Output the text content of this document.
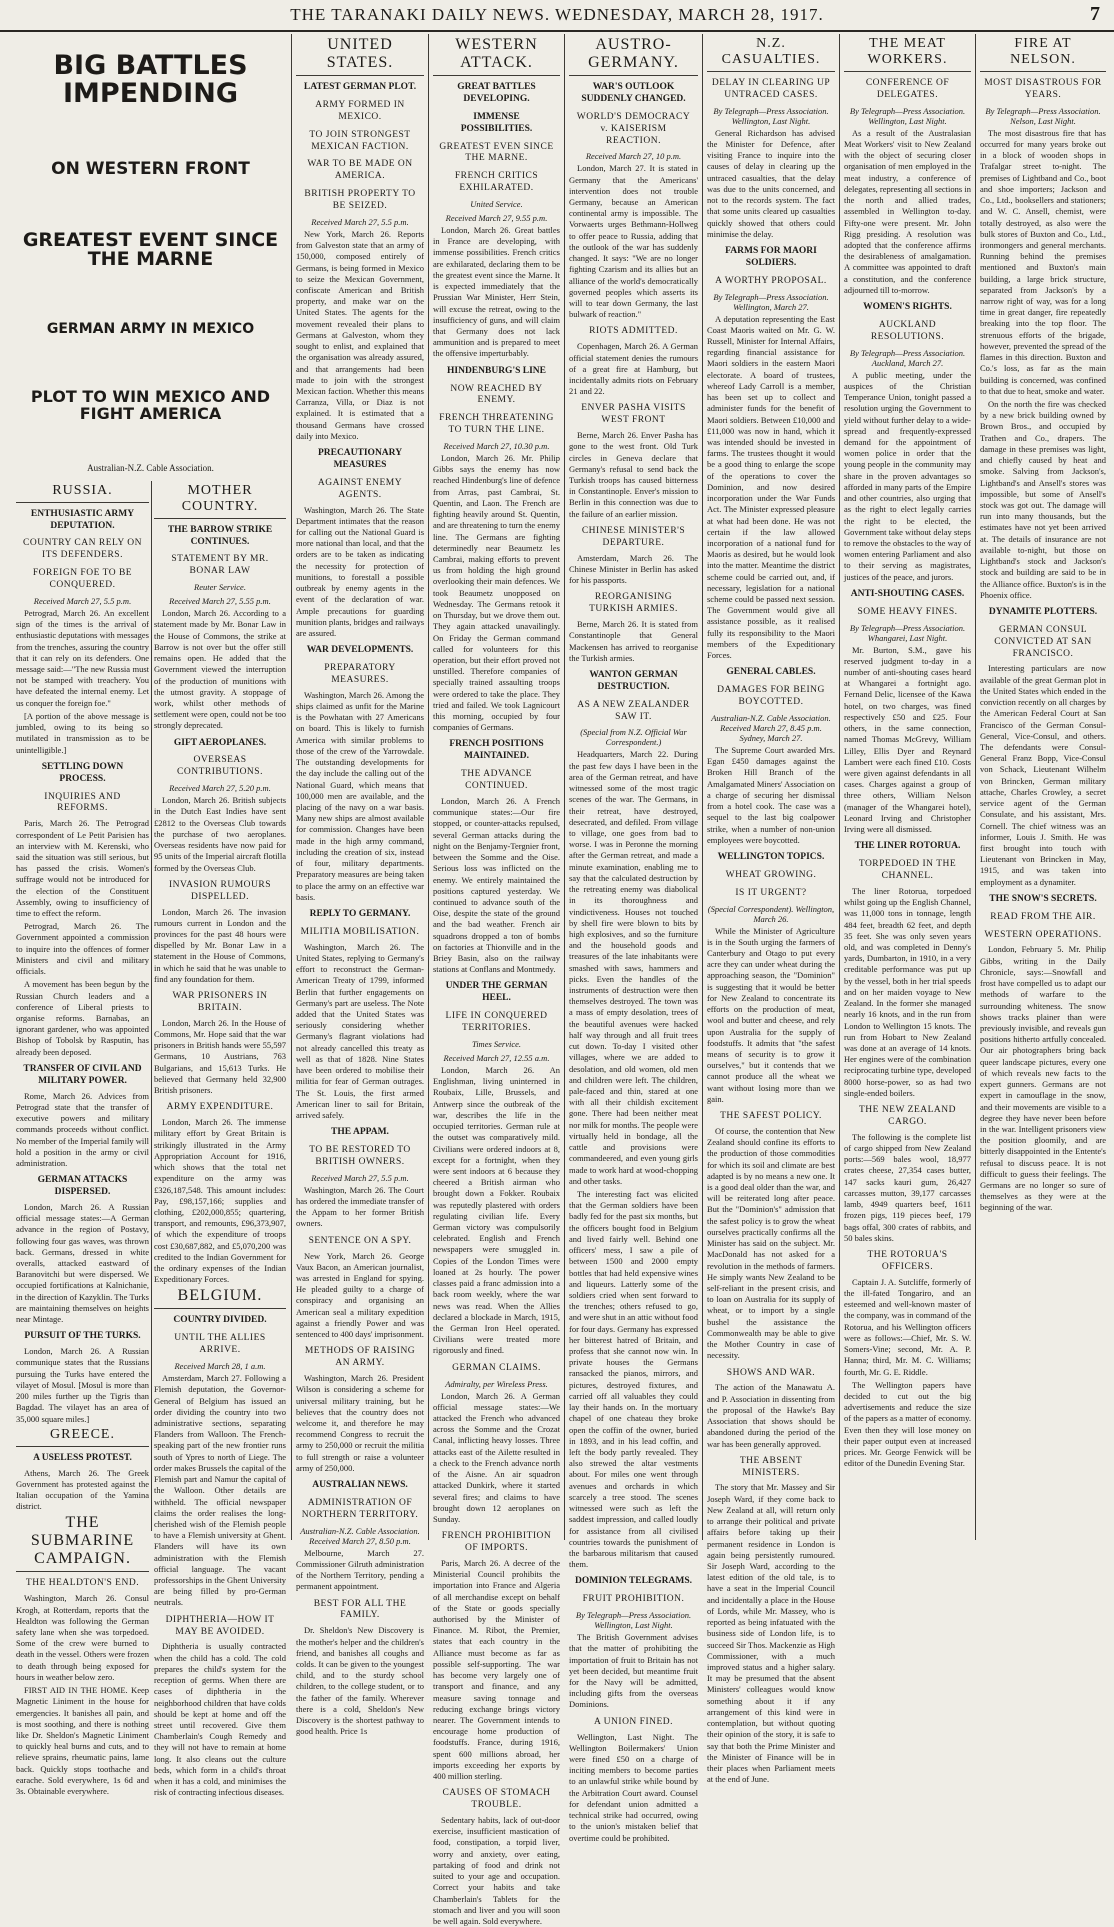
THE TARANAKI DAILY NEWS. WEDNESDAY, MARCH 28, 1917.	7
BIG BATTLES IMPENDING
ON WESTERN FRONT
GREATEST EVENT SINCE THE MARNE
GERMAN ARMY IN MEXICO
PLOT TO WIN MEXICO AND FIGHT AMERICA
Australian-N.Z. Cable Association.
RUSSIA.
ENTHUSIASTIC ARMY DEPUTATION.
COUNTRY CAN RELY ON ITS DEFENDERS.
FOREIGN FOE TO BE CONQUERED.
Received March 27, 5.5 p.m.

Petrograd, March 26. An excellent sign of the times is the arrival of enthusiastic deputations with messages from the trenches, assuring the country that it can rely on its defenders. One message said:—"The new Russia must not be stamped with treachery. You have defeated the internal enemy. Let us conquer the foreign foe."

[A portion of the above message is jumbled, owing to its being so mutilated in transmission as to be unintelligible.]

SETTLING DOWN PROCESS.
INQUIRIES AND REFORMS.

Paris, March 26. The Petrograd correspondent of Le Petit Parisien has an interview with M. Kerenski, who said the situation was still serious, but has passed the crisis. Women's suffrage would not be introduced for the election of the Constituent Assembly, owing to insufficiency of time to effect the reform.

Petrograd, March 26. The Government appointed a commission to inquire into the offences of former Ministers and civil and military officials.

A movement has been begun by the Russian Church leaders and a conference of Liberal priests to organise reforms. Barnabas, an ignorant gardener, who was appointed Bishop of Tobolsk by Rasputin, has already been deposed.

TRANSFER OF CIVIL AND MILITARY POWER.

Rome, March 26. Advices from Petrograd state that the transfer of executive powers and military commands proceeds without conflict. No member of the Imperial family will hold a position in the army or civil administration.

GERMAN ATTACKS DISPERSED.

London, March 26. A Russian official message states:—A German advance in the region of Postavy, following four gas waves, was thrown back. Germans, dressed in white overalls, attacked eastward of Baranovitchi but were dispersed. We occupied fortifications at Kalnichanie, in the direction of Kazyklin. The Turks are maintaining themselves on heights near Mintage.

PURSUIT OF THE TURKS.

London, March 26. A Russian communique states that the Russians pursuing the Turks have entered the vilayet of Mosul. [Mosul is more than 200 miles further up the Tigris than Bagdad. The vilayet has an area of 35,000 square miles.]

GREECE.
A USELESS PROTEST.

Athens, March 26. The Greek Government has protested against the Italian occupation of the Yamina district.

THE SUBMARINE CAMPAIGN.
THE HEALDTON'S END.

Washington, March 26. Consul Krogh, at Rotterdam, reports that the Healdton was following the German safety lane when she was torpedoed. Some of the crew were burned to death in the vessel. Others were frozen to death through being exposed for hours in weather below zero.

FIRST AID IN THE HOME. Keep Magnetic Liniment in the house for emergencies. It banishes all pain, and is most soothing, and there is nothing like Dr. Sheldon's Magnetic Liniment to quickly heal burns and cuts, and to relieve sprains, rheumatic pains, lame back. Quickly stops toothache and earache. Sold everywhere, 1s 6d and 3s. Obtainable everywhere.

MOTHER COUNTRY.
THE BARROW STRIKE CONTINUES.
STATEMENT BY MR. BONAR LAW
Reuter Service.
Received March 27, 5.55 p.m.

London, March 26. According to a statement made by Mr. Bonar Law in the House of Commons, the strike at Barrow is not over but the offer still remains open. He added that the Government viewed the interruption of the production of munitions with the utmost gravity. A stoppage of work, whilst other methods of settlement were open, could not be too strongly deprecated.

GIFT AEROPLANES.
OVERSEAS CONTRIBUTIONS.
Received March 27, 5.20 p.m.

London, March 26. British subjects in the Dutch East Indies have sent £2812 to the Overseas Club towards the purchase of two aeroplanes. Overseas residents have now paid for 95 units of the Imperial aircraft flotilla formed by the Overseas Club.

INVASION RUMOURS DISPELLED.

London, March 26. The invasion rumours current in London and the provinces for the past 48 hours were dispelled by Mr. Bonar Law in a statement in the House of Commons, in which he said that he was unable to find any foundation for them.

WAR PRISONERS IN BRITAIN.

London, March 26. In the House of Commons, Mr. Hope said that the war prisoners in British hands were 55,597 Germans, 10 Austrians, 763 Bulgarians, and 15,613 Turks. He believed that Germany held 32,900 British prisoners.

ARMY EXPENDITURE.

London, March 26. The immense military effort by Great Britain is strikingly illustrated in the Army Appropriation Account for 1916, which shows that the total net expenditure on the army was £326,187,548. This amount includes: Pay, £98,157,166; supplies and clothing, £202,000,855; quartering, transport, and remounts, £96,373,907, of which the expenditure of troops cost £30,687,882, and £5,070,200 was credited to the Indian Government for the ordinary expenses of the Indian Expeditionary Forces.

BELGIUM.
COUNTRY DIVIDED.
UNTIL THE ALLIES ARRIVE.
Received March 28, 1 a.m.

Amsterdam, March 27. Following a Flemish deputation, the Governor-General of Belgium has issued an order dividing the country into two administrative sections, separating Flanders from Walloon. The French-speaking part of the new frontier runs south of Ypres to north of Liege. The order makes Brussels the capital of the Flemish part and Namur the capital of the Walloon. Other details are withheld. The official newspaper claims the order realises the long-cherished wish of the Flemish people to have a Flemish university at Ghent. Flanders will have its own administration with the Flemish official language. The vacant professorships in the Ghent University are being filled by pro-German neutrals.

DIPHTHERIA—HOW IT MAY BE AVOIDED.

Diphtheria is usually contracted when the child has a cold. The cold prepares the child's system for the reception of germs. When there are cases of diphtheria in the neighborhood children that have colds should be kept at home and off the street until recovered. Give them Chamberlain's Cough Remedy and they will not have to remain at home long. It also cleans out the culture beds, which form in a child's throat when it has a cold, and minimises the risk of contracting infectious diseases.

UNITED STATES.
LATEST GERMAN PLOT.
ARMY FORMED IN MEXICO.
TO JOIN STRONGEST MEXICAN FACTION.
WAR TO BE MADE ON AMERICA.
BRITISH PROPERTY TO BE SEIZED.
Received March 27, 5.5 p.m.

New York, March 26. Reports from Galveston state that an army of 150,000, composed entirely of Germans, is being formed in Mexico to seize the Mexican Government, confiscate American and British property, and make war on the United States. The agents for the movement revealed their plans to Germans at Galveston, whom they sought to enlist, and explained that the organisation was already assured, and that arrangements had been made to join with the strongest Mexican faction. Whether this means Carranza, Villa, or Diaz is not explained. It is estimated that a thousand Germans have crossed daily into Mexico.

PRECAUTIONARY MEASURES
AGAINST ENEMY AGENTS.

Washington, March 26. The State Department intimates that the reason for calling out the National Guard is more national than local, and that the orders are to be taken as indicating the necessity for protection of munitions, to forestall a possible outbreak by enemy agents in the event of the declaration of war. Ample precautions for guarding munition plants, bridges and railways are assured.

WAR DEVELOPMENTS.
PREPARATORY MEASURES.

Washington, March 26. Among the ships claimed as unfit for the Marine is the Powhatan with 27 Americans on board. This is likely to furnish America with similar problems to those of the crew of the Yarrowdale. The outstanding developments for the day include the calling out of the National Guard, which means that 100,000 men are available, and the placing of the navy on a war basis. Many new ships are almost available for commission. Changes have been made in the high army command, including the creation of six, instead of four, military departments. Preparatory measures are being taken to place the army on an effective war basis.

REPLY TO GERMANY.
MILITIA MOBILISATION.

Washington, March 26. The United States, replying to Germany's effort to reconstruct the German-American Treaty of 1799, informed Berlin that further engagements on Germany's part are useless. The Note added that the United States was seriously considering whether Germany's flagrant violations had not already cancelled this treaty as well as that of 1828. Nine States have been ordered to mobilise their militia for fear of German outrages. The St. Louis, the first armed American liner to sail for Britain, arrived safely.

THE APPAM.
TO BE RESTORED TO BRITISH OWNERS.
Received March 27, 5.5 p.m.

Washington, March 26. The Court has ordered the immediate transfer of the Appam to her former British owners.

SENTENCE ON A SPY.

New York, March 26. George Vaux Bacon, an American journalist, was arrested in England for spying. He pleaded guilty to a charge of conspiracy and organising an American seal a military expedition against a friendly Power and was sentenced to 400 days' imprisonment.

METHODS OF RAISING AN ARMY.

Washington, March 26. President Wilson is considering a scheme for universal military training, but he believes that the country does not welcome it, and therefore he may recommend Congress to recruit the army to 250,000 or recruit the militia to full strength or raise a volunteer army of 250,000.

AUSTRALIAN NEWS.
ADMINISTRATION OF NORTHERN TERRITORY.
Australian-N.Z. Cable Association. Received March 27, 8.50 p.m.

Melbourne, March 27. Commissioner Gilruth administration of the Northern Territory, pending a permanent appointment.

BEST FOR ALL THE FAMILY.

Dr. Sheldon's New Discovery is the mother's helper and the children's friend, and banishes all coughs and colds. It can be given to the youngest child, and to the sturdy school children, to the college student, or to the father of the family. Wherever there is a cold, Sheldon's New Discovery is the shortest pathway to good health. Price 1s

WESTERN ATTACK.
GREAT BATTLES DEVELOPING.
IMMENSE POSSIBILITIES.
GREATEST EVEN SINCE THE MARNE.
FRENCH CRITICS EXHILARATED.
United Service.
Received March 27, 9.55 p.m.

London, March 26. Great battles in France are developing, with immense possibilities. French critics are exhilarated, declaring them to be the greatest event since the Marne. It is expected immediately that the Prussian War Minister, Herr Stein, will excuse the retreat, owing to the insufficiency of guns, and will claim that Germany does not lack ammunition and is prepared to meet the offensive imperturbably.

HINDENBURG'S LINE
NOW REACHED BY ENEMY.
FRENCH THREATENING TO TURN THE LINE.
Received March 27, 10.30 p.m.

London, March 26. Mr. Philip Gibbs says the enemy has now reached Hindenburg's line of defence from Arras, past Cambrai, St. Quentin, and Laon. The French are fighting heavily around St. Quentin, and are threatening to turn the enemy line. The Germans are fighting determinedly near Beaumetz les Cambrai, making efforts to prevent us from holding the high ground overlooking their main defences. We took Beaumetz unopposed on Wednesday. The Germans retook it on Thursday, but we drove them out. They again attacked unavailingly. On Friday the German command called for volunteers for this operation, but their effort proved not unstilled. Therefore companies of specially trained assaulting troops were ordered to take the place. They tried and failed. We took Lagnicourt this morning, occupied by four companies of Germans.

FRENCH POSITIONS MAINTAINED.
THE ADVANCE CONTINUED.

London, March 26. A French communique states:—Our fire stopped, or counter-attacks repulsed, several German attacks during the night on the Benjamy-Tergnier front, between the Somme and the Oise. Serious loss was inflicted on the enemy. We entirely maintained the positions captured yesterday. We continued to advance south of the Oise, despite the state of the ground and the bad weather. French air squadrons dropped a ton of bombs on factories at Thionville and in the Briey Basin, also on the railway stations at Conflans and Montmedy.

UNDER THE GERMAN HEEL.
LIFE IN CONQUERED TERRITORIES.
Times Service.
Received March 27, 12.55 a.m.

London, March 26. An Englishman, living uninterned in Roubaix, Lille, Brussels, and Antwerp since the outbreak of the war, describes the life in the occupied territories. German rule at the outset was comparatively mild. Civilians were ordered indoors at 8, except for a fortnight, when they were sent indoors at 6 because they cheered a British airman who brought down a Fokker. Roubaix was reputedly plastered with orders regulating civilian life. Every German victory was compulsorily celebrated. English and French newspapers were smuggled in. Copies of the London Times were loaned at 2s hourly. The power classes paid a franc admission into a back room weekly, where the war news was read. When the Allies declared a blockade in March, 1915, the German Iron Heel operated. Civilians were treated more rigorously and fined.

GERMAN CLAIMS.
Admiralty, per Wireless Press.

London, March 26. A German official message states:—We attacked the French who advanced across the Somme and the Crozat Canal, inflicting heavy losses. Three attacks east of the Ailette resulted in a check to the French advance north of the Aisne. An air squadron attacked Dunkirk, where it started several fires; and claims to have brought down 12 aeroplanes on Sunday.

FRENCH PROHIBITION OF IMPORTS.

Paris, March 26. A decree of the Ministerial Council prohibits the importation into France and Algeria of all merchandise except on behalf of the State or goods specially authorised by the Minister of Finance. M. Ribot, the Premier, states that each country in the Alliance must become as far as possible self-supporting. The war has become very largely one of transport and finance, and any measure saving tonnage and reducing exchange brings victory nearer. The Government intends to encourage home production of foodstuffs. France, during 1916, spent 600 millions abroad, her imports exceeding her exports by 400 million sterling.

CAUSES OF STOMACH TROUBLE.

Sedentary habits, lack of out-door exercise, insufficient mastication of food, constipation, a torpid liver, worry and anxiety, over eating, partaking of food and drink not suited to your age and occupation. Correct your habits and take Chamberlain's Tablets for the stomach and liver and you will soon be well again. Sold everywhere.

AUSTRO-GERMANY.
WAR'S OUTLOOK SUDDENLY CHANGED.
WORLD'S DEMOCRACY v. KAISERISM REACTION.
Received March 27, 10 p.m.

London, March 27. It is stated in Germany that the Americans' intervention does not trouble Germany, because an American continental army is impossible. The Vorwaerts urges Bethmann-Hollweg to offer peace to Russia, adding that the outlook of the war has suddenly changed. It says: "We are no longer fighting Czarism and its allies but an alliance of the world's democratically governed peoples which asserts its will to tear down Germany, the last bulwark of reaction."

RIOTS ADMITTED.

Copenhagen, March 26. A German official statement denies the rumours of a great fire at Hamburg, but incidentally admits riots on February 21 and 22.

ENVER PASHA VISITS WEST FRONT

Berne, March 26. Enver Pasha has gone to the west front. Old Turk circles in Geneva declare that Germany's refusal to send back the Turkish troops has caused bitterness in Constantinople. Enver's mission to Berlin in this connection was due to the failure of an earlier mission.

CHINESE MINISTER'S DEPARTURE.

Amsterdam, March 26. The Chinese Minister in Berlin has asked for his passports.

REORGANISING TURKISH ARMIES.

Berne, March 26. It is stated from Constantinople that General Mackensen has arrived to reorganise the Turkish armies.

WANTON GERMAN DESTRUCTION.
AS A NEW ZEALANDER SAW IT.
(Special from N.Z. Official War Correspondent.)

Headquarters, March 22. During the past few days I have been in the area of the German retreat, and have witnessed some of the most tragic scenes of the war. The Germans, in their retreat, have destroyed, desecrated, and defiled. From village to village, one goes from bad to worse. I was in Peronne the morning after the German retreat, and made a minute examination, enabling me to say that the calculated destruction by the retreating enemy was diabolical in its thoroughness and vindictiveness. Houses not touched by shell fire were blown to bits by high explosives, and so the furniture and the household goods and treasures of the late inhabitants were smashed with saws, hammers and picks. Even the handles of the instruments of destruction were then themselves destroyed. The town was a mass of empty desolation, trees of the beautiful avenues were hacked half way through and all fruit trees cut down. To-day I visited other villages, where we are added to desolation, and old women, old men and children were left. The children, pale-faced and thin, stared at one with all their childish excitement gone. There had been neither meat nor milk for months. The people were virtually held in bondage, all the cattle and provisions were commandeered, and even young girls made to work hard at wood-chopping and other tasks.

The interesting fact was elicited that the German soldiers have been badly fed for the past six months, but the officers bought food in Belgium and lived fairly well. Behind one officers' mess, I saw a pile of between 1500 and 2000 empty bottles that had held expensive wines and liqueurs. Latterly some of the soldiers cried when sent forward to the trenches; others refused to go, and were shut in an attic without food for four days. Germany has expressed her bitterest hatred of Britain, and profess that she cannot now win. In private houses the Germans ransacked the pianos, mirrors, and pictures, destroyed fixtures, and carried off all valuables they could lay their hands on. In the mortuary chapel of one chateau they broke open the coffin of the owner, buried in 1893, and in his lead coffin, and left the body partly revealed. They also strewed the altar vestments about. For miles one went through avenues and orchards in which scarcely a tree stood. The scenes witnessed were such as left the saddest impression, and called loudly for assistance from all civilised countries towards the punishment of the barbarous militarism that caused them.

DOMINION TELEGRAMS.
FRUIT PROHIBITION.
By Telegraph—Press Association. Wellington, Last Night.

The British Government advises that the matter of prohibiting the importation of fruit to Britain has not yet been decided, but meantime fruit for the Navy will be admitted, including gifts from the overseas Dominions.

A UNION FINED.

Wellington, Last Night. The Wellington Boilermakers' Union were fined £50 on a charge of inciting members to become parties to an unlawful strike while bound by the Arbitration Court award. Counsel for defendant union admitted a technical strike had occurred, owing to the union's mistaken belief that overtime could be prohibited.

N.Z. CASUALTIES.
DELAY IN CLEARING UP UNTRACED CASES.
By Telegraph—Press Association. Wellington, Last Night.

General Richardson has advised the Minister for Defence, after visiting France to inquire into the causes of delay in clearing up the untraced casualties, that the delay was due to the units concerned, and not to the records system. The fact that some units cleared up casualties quickly showed that others could minimise the delay.

FARMS FOR MAORI SOLDIERS.
A WORTHY PROPOSAL.
By Telegraph—Press Association. Wellington, March 27.

A deputation representing the East Coast Maoris waited on Mr. G. W. Russell, Minister for Internal Affairs, regarding financial assistance for Maori soldiers in the eastern Maori electorate. A board of trustees, whereof Lady Carroll is a member, has been set up to collect and administer funds for the benefit of Maori soldiers. Between £10,000 and £11,000 was now in hand, which it was intended should be invested in farms. The trustees thought it would be a good thing to enlarge the scope of the operations to cover the Dominion, and now desired incorporation under the War Funds Act. The Minister expressed pleasure at what had been done. He was not certain if the law allowed incorporation of a national fund for Maoris as desired, but he would look into the matter. Meantime the district scheme could be carried out, and, if necessary, legislation for a national scheme could be passed next session. The Government would give all assistance possible, as it realised fully its responsibility to the Maori members of the Expeditionary Forces.

GENERAL CABLES.
DAMAGES FOR BEING BOYCOTTED.
Australian-N.Z. Cable Association. Received March 27, 8.45 p.m. Sydney, March 27.

The Supreme Court awarded Mrs. Egan £450 damages against the Broken Hill Branch of the Amalgamated Miners' Association on a charge of securing her dismissal from a hotel cook. The case was a sequel to the last big coalpower strike, when a number of non-union employees were boycotted.

WELLINGTON TOPICS.
WHEAT GROWING.
IS IT URGENT?
(Special Correspondent). Wellington, March 26.

While the Minister of Agriculture is in the South urging the farmers of Canterbury and Otago to put every acre they can under wheat during the approaching season, the "Dominion" is suggesting that it would be better for New Zealand to concentrate its efforts on the production of meat, wool and butter and cheese, and rely upon Australia for the supply of foodstuffs. It admits that "the safest means of security is to grow it ourselves," but it contends that we cannot produce all the wheat we want without losing more than we gain.

THE SAFEST POLICY.

Of course, the contention that New Zealand should confine its efforts to the production of those commodities for which its soil and climate are best adapted is by no means a new one. It is a good deal older than the war, and will be reiterated long after peace. But the "Dominion's" admission that the safest policy is to grow the wheat ourselves practically confirms all the Minister has said on the subject. Mr. MacDonald has not asked for a revolution in the methods of farmers. He simply wants New Zealand to be self-reliant in the present crisis, and to loan on Australia for its supply of wheat, or to import by a single bushel the assistance the Commonwealth may be able to give the Mother Country in case of necessity.

SHOWS AND WAR.

The action of the Manawatu A. and P. Association in dissenting from the proposal of the Hawke's Bay Association that shows should be abandoned during the period of the war has been generally approved.

THE ABSENT MINISTERS.

The story that Mr. Massey and Sir Joseph Ward, if they come back to New Zealand at all, will return only to arrange their political and private affairs before taking up their permanent residence in London is again being persistently rumoured. Sir Joseph Ward, according to the latest edition of the old tale, is to have a seat in the Imperial Council and incidentally a place in the House of Lords, while Mr. Massey, who is reported as being infatuated with the business side of London life, is to succeed Sir Thos. Mackenzie as High Commissioner, with a much improved status and a higher salary. It may be presumed that the absent Ministers' colleagues would know something about it if any arrangement of this kind were in contemplation, but without quoting their opinion of the story, it is safe to say that both the Prime Minister and the Minister of Finance will be in their places when Parliament meets at the end of June.

THE MEAT WORKERS.
CONFERENCE OF DELEGATES.
By Telegraph—Press Association. Wellington, Last Night.

As a result of the Australasian Meat Workers' visit to New Zealand with the object of securing closer organisation of men employed in the meat industry, a conference of delegates, representing all sections in the north and allied trades, assembled in Wellington to-day. Fifty-one were present. Mr. John Rigg presiding. A resolution was adopted that the conference affirms the desirableness of amalgamation. A committee was appointed to draft a constitution, and the conference adjourned till to-morrow.

WOMEN'S RIGHTS.
AUCKLAND RESOLUTIONS.
By Telegraph—Press Association. Auckland, March 27.

A public meeting, under the auspices of the Christian Temperance Union, tonight passed a resolution urging the Government to yield without further delay to a wide-spread and frequently-expressed demand for the appointment of women police in order that the young people in the community may share in the proven advantages so afforded in many parts of the Empire and other countries, also urging that as the right to elect legally carries the right to be elected, the Government take without delay steps to remove the obstacles to the way of women entering Parliament and also to their serving as magistrates, justices of the peace, and jurors.

ANTI-SHOUTING CASES.
SOME HEAVY FINES.
By Telegraph—Press Association. Whangarei, Last Night.

Mr. Burton, S.M., gave his reserved judgment to-day in a number of anti-shouting cases heard at Whangarei a fortnight ago. Fernand Delic, licensee of the Kawa hotel, on two charges, was fined respectively £50 and £25. Four others, in the same connection, named Thomas McGrevy, William Lilley, Ellis Dyer and Reynard Lambert were each fined £10. Costs were given against defendants in all cases. Charges against a group of three others, William Nelson (manager of the Whangarei hotel), Leonard Irving and Christopher Irving were all dismissed.

THE LINER ROTORUA.
TORPEDOED IN THE CHANNEL.

The liner Rotorua, torpedoed whilst going up the English Channel, was 11,000 tons in tonnage, length 484 feet, breadth 62 feet, and depth 35 feet. She was only seven years old, and was completed in Denny's yards, Dumbarton, in 1910, in a very creditable performance was put up by the vessel, both in her trial speeds and on her maiden voyage to New Zealand. In the former she managed nearly 16 knots, and in the run from London to Wellington 15 knots. The run from Hobart to New Zealand was done at an average of 14 knots. Her engines were of the combination reciprocating turbine type, developed 8000 horse-power, so as had two single-ended boilers.

THE NEW ZEALAND CARGO.

The following is the complete list of cargo shipped from New Zealand ports:—569 bales wool, 18,977 crates cheese, 27,354 cases butter, 147 sacks kauri gum, 26,427 carcasses mutton, 39,177 carcasses lamb, 4949 quarters beef, 1611 frozen pigs, 119 pieces beef, 179 bags offal, 300 crates of rabbits, and 50 bales skins.

THE ROTORUA'S OFFICERS.

Captain J. A. Sutcliffe, formerly of the ill-fated Tongariro, and an esteemed and well-known master of the company, was in command of the Rotorua, and his Wellington officers were as follows:—Chief, Mr. S. W. Somers-Vine; second, Mr. A. P. Hanna; third, Mr. M. C. Williams; fourth, Mr. G. E. Riddle.

The Wellington papers have decided to cut out the big advertisements and reduce the size of the papers as a matter of economy. Even then they will lose money on their paper output even at increased prices. Mr. George Fenwick will be editor of the Dunedin Evening Star.

FIRE AT NELSON.
MOST DISASTROUS FOR YEARS.
By Telegraph—Press Association. Nelson, Last Night.

The most disastrous fire that has occurred for many years broke out in a block of wooden shops in Trafalgar street to-night. The premises of Lightband and Co., boot and shoe importers; Jackson and Co., Ltd., booksellers and stationers; and W. C. Ansell, chemist, were totally destroyed, as also were the bulk stores of Buxton and Co., Ltd., ironmongers and general merchants. Running behind the premises mentioned and Buxton's main building, a large brick structure, separated from Jackson's by a narrow right of way, was for a long time in great danger, fire repeatedly breaking into the top floor. The strenuous efforts of the brigade, however, prevented the spread of the flames in this direction. Buxton and Co.'s loss, as far as the main building is concerned, was confined to that due to heat, smoke and water.

On the north the fire was checked by a new brick building owned by Brown Bros., and occupied by Trathen and Co., drapers. The damage in these premises was light, and chiefly caused by heat and smoke. Salving from Jackson's, Lightband's and Ansell's stores was impossible, but some of Ansell's stock was got out. The damage will run into many thousands, but the estimates have not yet been arrived at. The details of insurance are not available to-night, but those on Lightband's stock and Jackson's stock and building are said to be in the Alliance office. Buxton's is in the Phoenix office.

DYNAMITE PLOTTERS.
GERMAN CONSUL CONVICTED AT SAN FRANCISCO.

Interesting particulars are now available of the great German plot in the United States which ended in the conviction recently on all charges by the American Federal Court at San Francisco of the German Consul-General, Vice-Consul, and others. The defendants were Consul-General Franz Bopp, Vice-Consul von Schack, Lieutenant Wilhelm von Brincken, German military attache, Charles Crowley, a secret service agent of the German Consulate, and his assistant, Mrs. Cornell. The chief witness was an informer, Louis J. Smith. He was first brought into touch with Lieutenant von Brincken in May, 1915, and was taken into employment as a dynamiter.

THE SNOW'S SECRETS.
READ FROM THE AIR.
WESTERN OPERATIONS.

London, February 5. Mr. Philip Gibbs, writing in the Daily Chronicle, says:—Snowfall and frost have compelled us to adapt our methods of warfare to the surrounding whiteness. The snow shows tracks plainer than were previously invisible, and reveals gun positions hitherto artfully concealed. Our air photographers bring back queer landscape pictures, every one of which reveals new facts to the expert gunners. Germans are not expert in camouflage in the snow, and their movements are visible to a degree they have never been before in the war. Intelligent prisoners view the position gloomily, and are bitterly disappointed in the Entente's refusal to discuss peace. It is not difficult to guess their feelings. The Germans are no longer so sure of themselves as they were at the beginning of the war.
